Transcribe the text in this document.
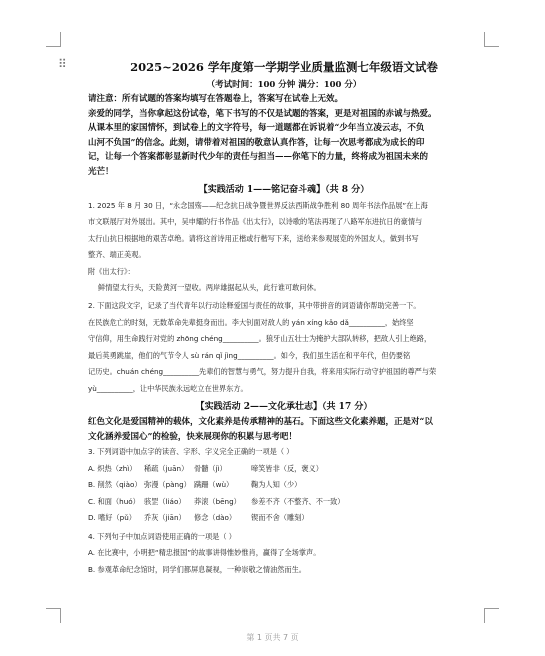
⠿	2025~2026 学年度第一学期学业质量监测七年级语文试卷
（考试时间：100 分钟 满分：100 分）
请注意：所有试题的答案均填写在答题卷上，答案写在试卷上无效。
亲爱的同学，当你拿起这份试卷，笔下书写的不仅是试题的答案，更是对祖国的赤诚与热爱。
从课本里的家国情怀，到试卷上的文字符号，每一道题都在诉说着“少年当立凌云志，不负
山河不负国”的信念。此刻，请带着对祖国的敬意认真作答，让每一次思考都成为成长的印
记，让每一个答案都彰显新时代少年的责任与担当——你笔下的力量，终将成为祖国未来的
光芒！
【实践活动 1——铭记奋斗魂】（共 8 分）
1. 2025 年 8 月 30 日，“永念国殇——纪念抗日战争暨世界反法西斯战争胜利 80 周年书法作品展”在上海
市文联展厅对外展出。其中，吴申耀的行书作品《出太行》，以诗歌的笔法再现了八路军东进抗日的豪情与
太行山抗日根据地的艰苦卓绝。请将这首诗用正楷或行楷写下来，送给来参观展览的外国友人，做到书写
整齐、端正美观。
附《出太行》：
鲜情望太行头，天险黄河一望收。两岸雄据起从头，此行谁可敢问休。
2. 下面这段文字，记录了当代青年以行动诠释爱国与责任的故事，其中带拼音的词语请你帮助完善一下。
在民族危亡的时刻，无数革命先辈挺身而出。李大钊面对敌人的 yán xíng kǎo dǎ__________，始终坚
守信仰，用生命践行对党的 zhōng chéng__________。狼牙山五壮士为掩护大部队转移，把敌人引上绝路，
最后英勇跳崖，他们的气节令人 sù rán qǐ jìng__________。如今，我们虽生活在和平年代，但仍要铭
记历史。chuán chéng__________先辈们的智慧与勇气，努力提升自我，将来用实际行动守护祖国的尊严与荣
yù__________，让中华民族永远屹立在世界东方。
【实践活动 2——文化承壮志】（共 17 分）
红色文化是爱国精神的载体，文化素养是传承精神的基石。下面这些文化素养题，正是对“以
文化涵养爱国心”的检验，快来展现你的积累与思考吧！
3. 下列词语中加点字的读音、字形、字义完全正确的一项是（ ）
A. 炽热（zhì）	稀疏（juān） 骨髓（jì）	啼笑皆非（反，褒义）
B. 削然（qiào） 弥漫（pàng） 蹒跚（wù）	鞠为人知（少）
C. 和面（huó） 骇罡（liáo）	莽滚（bēng）	参差不齐（不整齐、不一致）
D. 嗜好（pǔ）	乔灰（jiān）	修念（dào）	锲而不舍（雕刻）
4. 下列句子中加点词语使用正确的一项是（ ）
A. 在比赛中，小明把“精忠报国”的故事讲得惟妙惟肖，赢得了全场掌声。
B. 参观革命纪念馆时，同学们都屏息凝视，一种崇敬之情油然而生。
第 1 页共 7 页
